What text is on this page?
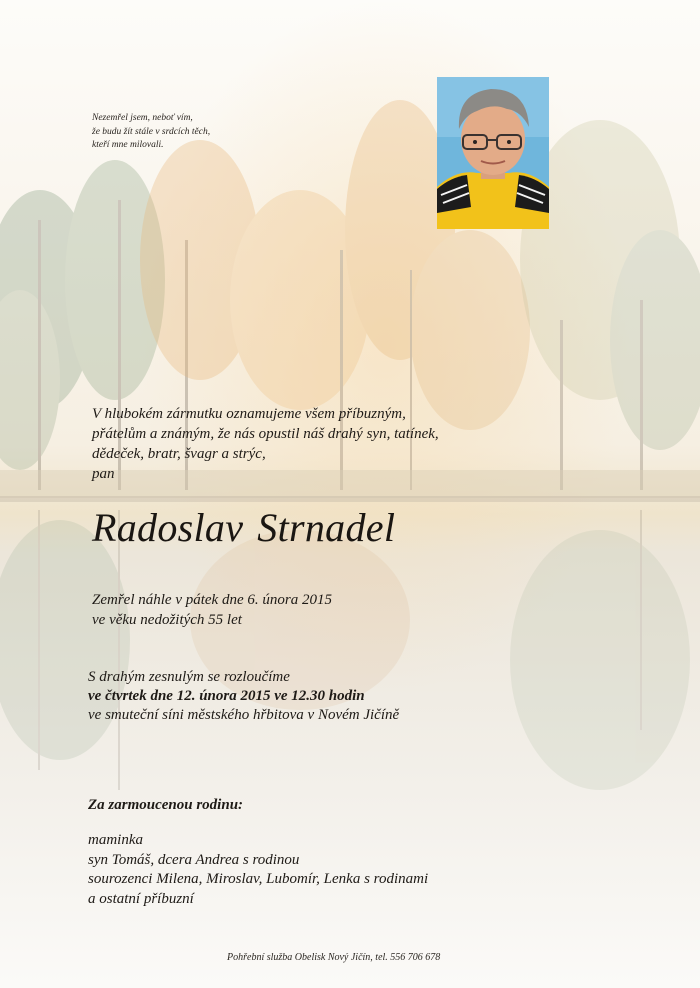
Nezemřel jsem, neboť vím,
že budu žít stále v srdcích těch,
kteří mne milovali.
V hlubokém zármutku oznamujeme všem příbuzným,
přátelům a známým, že nás opustil náš drahý syn, tatínek,
dědeček, bratr, švagr a strýc,
pan
Radoslav Strnadel
Zemřel náhle v pátek dne 6. února 2015
ve věku nedožitých 55 let
S drahým zesnulým se rozloučíme
ve čtvrtek dne 12. února 2015 ve 12.30 hodin
ve smuteční síni městského hřbitova v Novém Jičíně
Za zarmoucenou rodinu:
maminka
syn Tomáš, dcera Andrea s rodinou
sourozenci Milena, Miroslav, Lubomír, Lenka s rodinami
a ostatní příbuzní
Pohřební služba Obelisk Nový Jičín, tel. 556 706 678
